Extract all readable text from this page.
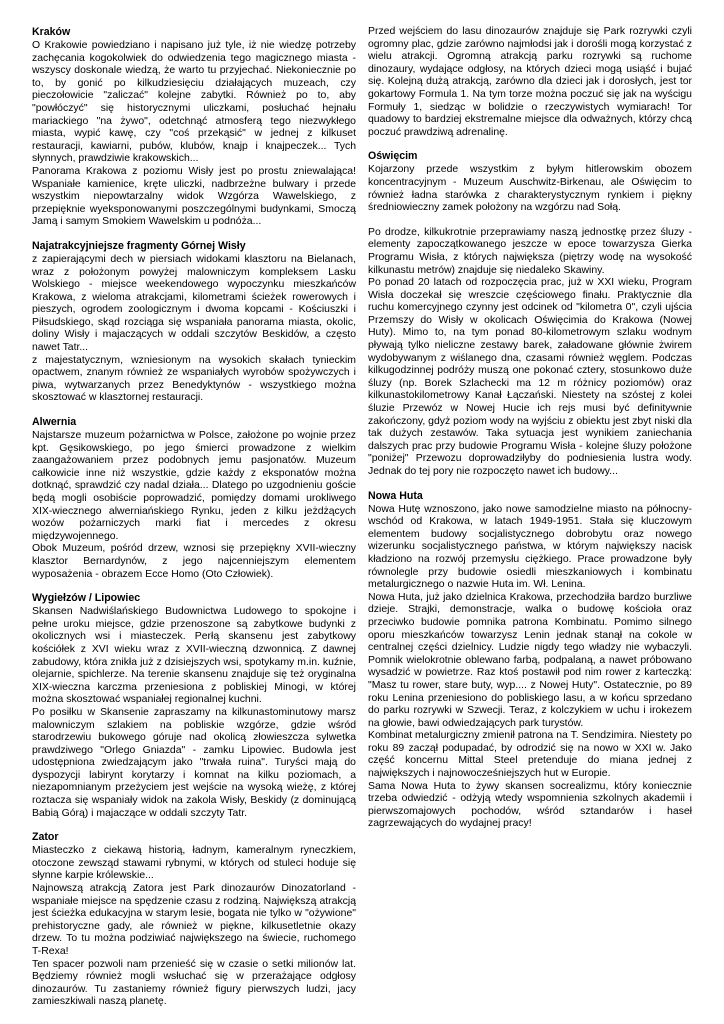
Kraków

O Krakowie powiedziano i napisano już tyle, iż nie wiedzę potrzeby zachęcania kogokolwiek do odwiedzenia tego magicznego miasta - wszyscy doskonale wiedzą, że warto tu przyjechać. Niekoniecznie po to, by gonić po kilkudziesięciu działających muzeach, czy pieczołowicie "zaliczać" kolejne zabytki. Również po to, aby "powłóczyć" się historycznymi uliczkami, posłuchać hejnału mariackiego "na żywo", odetchnąć atmosferą tego niezwykłego miasta, wypić kawę, czy "coś przekąsić" w jednej z kilkuset restauracji, kawiarni, pubów, klubów, knajp i knajpeczek... Tych słynnych, prawdziwie krakowskich...

Panorama Krakowa z poziomu Wisły jest po prostu zniewalająca! Wspaniałe kamienice, kręte uliczki, nadbrzeżne bulwary i przede wszystkim niepowtarzalny widok Wzgórza Wawelskiego, z przepięknie wyeksponowanymi poszczególnymi budynkami, Smoczą Jamą i samym Smokiem Wawelskim u podnóża...

Najatrakcyjniejsze fragmenty Górnej Wisły

z zapierającymi dech w piersiach widokami klasztoru na Bielanach, wraz z położonym powyżej malowniczym kompleksem Lasku Wolskiego - miejsce weekendowego wypoczynku mieszkańców Krakowa, z wieloma atrakcjami, kilometrami ścieżek rowerowych i pieszych, ogrodem zoologicznym i dwoma kopcami - Kościuszki i Piłsudskiego, skąd rozciąga się wspaniała panorama miasta, okolic, doliny Wisły i majaczących w oddali szczytów Beskidów, a często nawet Tatr...

z majestatycznym, wzniesionym na wysokich skałach tynieckim opactwem, znanym również ze wspaniałych wyrobów spożywczych i piwa, wytwarzanych przez Benedyktynów - wszystkiego można skosztować w klasztornej restauracji.

Alwernia

Najstarsze muzeum pożarnictwa w Polsce, założone po wojnie przez kpt. Gęsikowskiego, po jego śmierci prowadzone z wielkim zaangażowaniem przez podobnych jemu pasjonatów. Muzeum całkowicie inne niż wszystkie, gdzie każdy z eksponatów można dotknąć, sprawdzić czy nadal działa... Dlatego po uzgodnieniu goście będą mogli osobiście poprowadzić, pomiędzy domami urokliwego XIX-wiecznego alwerniańskiego Rynku, jeden z kilku jeżdżących wozów pożarniczych marki fiat i mercedes z okresu międzywojennego.

Obok Muzeum, pośród drzew, wznosi się przepiękny XVII-wieczny klasztor Bernardynów, z jego najcenniejszym elementem wyposażenia - obrazem Ecce Homo (Oto Człowiek).

Wygiełzów / Lipowiec

Skansen Nadwiślańskiego Budownictwa Ludowego to spokojne i pełne uroku miejsce, gdzie przenoszone są zabytkowe budynki z okolicznych wsi i miasteczek. Perłą skansenu jest zabytkowy kościółek z XVI wieku wraz z XVII-wieczną dzwonnicą. Z dawnej zabudowy, która znikła już z dzisiejszych wsi, spotykamy m.in. kuźnie, olejarnie, spichlerze. Na terenie skansenu znajduje się też oryginalna XIX-wieczna karczma przeniesiona z pobliskiej Minogi, w której można skosztować wspaniałej regionalnej kuchni.

Po posiłku w Skansenie zapraszamy na kilkunastominutowy marsz malowniczym szlakiem na pobliskie wzgórze, gdzie wśród starodrzewiu bukowego góruje nad okolicą złowieszcza sylwetka prawdziwego "Orlego Gniazda" - zamku Lipowiec. Budowla jest udostępniona zwiedzającym jako "trwała ruina". Turyści mają do dyspozycji labirynt korytarzy i komnat na kilku poziomach, a niezapomnianym przeżyciem jest wejście na wysoką wieżę, z której roztacza się wspaniały widok na zakola Wisły, Beskidy (z dominującą Babią Górą) i majaczące w oddali szczyty Tatr.

Zator

Miasteczko z ciekawą historią, ładnym, kameralnym ryneczkiem, otoczone zewsząd stawami rybnymi, w których od stuleci hoduje się słynne karpie królewskie...

Najnowszą atrakcją Zatora jest Park dinozaurów Dinozatorland - wspaniałe miejsce na spędzenie czasu z rodziną. Największą atrakcją jest ścieżka edukacyjna w starym lesie, bogata nie tylko w "ożywione" prehistoryczne gady, ale również w piękne, kilkusetletnie okazy drzew. To tu można podziwiać największego na świecie, ruchomego T-Rexa!

Ten spacer pozwoli nam przenieść się w czasie o setki milionów lat. Będziemy również mogli wsłuchać się w przerażające odgłosy dinozaurów. Tu zastaniemy również figury pierwszych ludzi, jacy zamieszkiwali naszą planetę.

Przed wejściem do lasu dinozaurów znajduje się Park rozrywki czyli ogromny plac, gdzie zarówno najmłodsi jak i dorośli mogą korzystać z wielu atrakcji. Ogromną atrakcją parku rozrywki są ruchome dinozaury, wydające odgłosy, na których dzieci mogą usiąść i bujać się. Kolejną dużą atrakcją, zarówno dla dzieci jak i dorosłych, jest tor gokartowy Formula 1. Na tym torze można poczuć się jak na wyścigu Formuły 1, siedząc w bolidzie o rzeczywistych wymiarach! Tor quadowy to bardziej ekstremalne miejsce dla odważnych, którzy chcą poczuć prawdziwą adrenalinę.

Oświęcim

Kojarzony przede wszystkim z byłym hitlerowskim obozem koncentracyjnym - Muzeum Auschwitz-Birkenau, ale Oświęcim to również ładna starówka z charakterystycznym rynkiem i piękny średniowieczny zamek położony na wzgórzu nad Sołą.

Po drodze, kilkukrotnie przeprawiamy naszą jednostkę przez śluzy - elementy zapoczątkowanego jeszcze w epoce towarzysza Gierka Programu Wisła, z których największa (piętrzy wodę na wysokość kilkunastu metrów) znajduje się niedaleko Skawiny.

Po ponad 20 latach od rozpoczęcia prac, już w XXI wieku, Program Wisła doczekał się wreszcie częściowego finału. Praktycznie dla ruchu komercyjnego czynny jest odcinek od "kilometra 0", czyli ujścia Przemszy do Wisły w okolicach Oświęcimia do Krakowa (Nowej Huty). Mimo to, na tym ponad 80-kilometrowym szlaku wodnym pływają tylko nieliczne zestawy barek, załadowane głównie żwirem wydobywanym z wiślanego dna, czasami również węglem. Podczas kilkugodzinnej podróży muszą one pokonać cztery, stosunkowo duże śluzy (np. Borek Szlachecki ma 12 m różnicy poziomów) oraz kilkunastokilometrowy Kanał Łączański. Niestety na szóstej z kolei śluzie Przewóz w Nowej Hucie ich rejs musi być definitywnie zakończony, gdyż poziom wody na wyjściu z obiektu jest zbyt niski dla tak dużych zestawów. Taka sytuacja jest wynikiem zaniechania dalszych prac przy budowie Programu Wisła - kolejne śluzy położone "poniżej" Przewozu doprowadziłyby do podniesienia lustra wody. Jednak do tej pory nie rozpoczęto nawet ich budowy...

Nowa Huta

Nowa Hutę wznoszono, jako nowe samodzielne miasto na północny-wschód od Krakowa, w latach 1949-1951. Stała się kluczowym elementem budowy socjalistycznego dobrobytu oraz nowego wizerunku socjalistycznego państwa, w którym największy nacisk kładziono na rozwój przemysłu ciężkiego. Prace prowadzone były równolegle przy budowie osiedli mieszkaniowych i kombinatu metalurgicznego o nazwie Huta im. Wł. Lenina.

Nowa Huta, już jako dzielnica Krakowa, przechodziła bardzo burzliwe dzieje. Strajki, demonstracje, walka o budowę kościoła oraz przeciwko budowie pomnika patrona Kombinatu. Pomimo silnego oporu mieszkańców towarzysz Lenin jednak stanął na cokole w centralnej części dzielnicy. Ludzie nigdy tego władzy nie wybaczyli. Pomnik wielokrotnie oblewano farbą, podpalaną, a nawet próbowano wysadzić w powietrze. Raz ktoś postawił pod nim rower z karteczką: "Masz tu rower, stare buty, wyp.... z Nowej Huty". Ostatecznie, po 89 roku Lenina przeniesiono do pobliskiego lasu, a w końcu sprzedano do parku rozrywki w Szwecji. Teraz, z kolczykiem w uchu i irokezem na głowie, bawi odwiedzających park turystów.

Kombinat metalurgiczny zmienił patrona na T. Sendzimira. Niestety po roku 89 zaczął podupadać, by odrodzić się na nowo w XXI w. Jako część koncernu Mittal Steel pretenduje do miana jednej z największych i najnowocześniejszych hut w Europie.

Sama Nowa Huta to żywy skansen socrealizmu, który koniecznie trzeba odwiedzić - odżyją wtedy wspomnienia szkolnych akademii i pierwszomajowych pochodów, wśród sztandarów i haseł zagrzewających do wydajnej pracy!
